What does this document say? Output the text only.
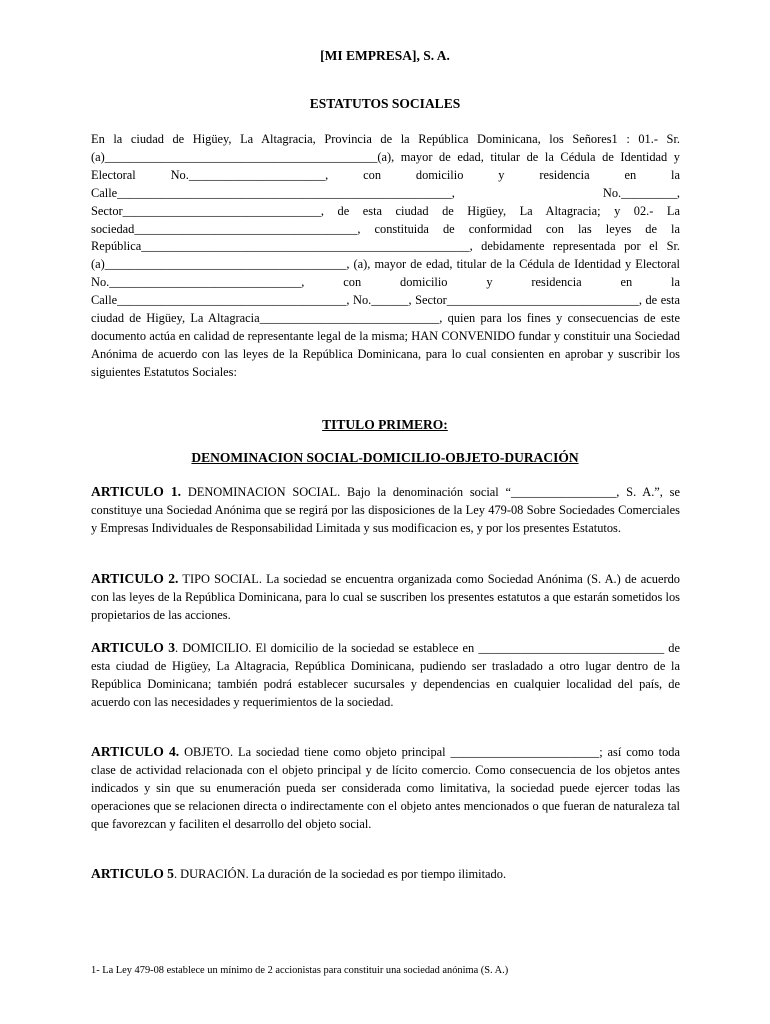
[MI EMPRESA], S. A.
ESTATUTOS SOCIALES
En la ciudad de Higüey, La Altagracia, Provincia de la República Dominicana, los Señores1 : 01.- Sr.(a)____________________________________________(a), mayor de edad, titular de la Cédula de Identidad y Electoral No.______________________, con domicilio y residencia en la Calle______________________________________________________, No._________, Sector________________________________, de esta ciudad de Higüey, La Altagracia; y 02.- La sociedad____________________________________, constituida de conformidad con las leyes de la República_____________________________________________________, debidamente representada por el Sr.(a)_______________________________________, (a), mayor de edad, titular de la Cédula de Identidad y Electoral No._______________________________, con domicilio y residencia en la Calle_____________________________________, No.______, Sector_______________________________, de esta ciudad de Higüey, La Altagracia_____________________________, quien para los fines y consecuencias de este documento actúa en calidad de representante legal de la misma; HAN CONVENIDO fundar y constituir una Sociedad Anónima de acuerdo con las leyes de la República Dominicana, para lo cual consienten en aprobar y suscribir los siguientes Estatutos Sociales:
TITULO PRIMERO:
DENOMINACION SOCIAL-DOMICILIO-OBJETO-DURACIÓN
ARTICULO 1. DENOMINACION SOCIAL. Bajo la denominación social “_________________, S. A.”, se constituye una Sociedad Anónima que se regirá por las disposiciones de la Ley 479-08 Sobre Sociedades Comerciales y Empresas Individuales de Responsabilidad Limitada y sus modificacion es, y por los presentes Estatutos.
ARTICULO 2. TIPO SOCIAL. La sociedad se encuentra organizada como Sociedad Anónima (S. A.) de acuerdo con las leyes de la República Dominicana, para lo cual se suscriben los presentes estatutos a que estarán sometidos los propietarios de las acciones.
ARTICULO 3. DOMICILIO. El domicilio de la sociedad se establece en ______________________________ de esta ciudad de Higüey, La Altagracia, República Dominicana, pudiendo ser trasladado a otro lugar dentro de la República Dominicana; también podrá establecer sucursales y dependencias en cualquier localidad del país, de acuerdo con las necesidades y requerimientos de la sociedad.
ARTICULO 4. OBJETO. La sociedad tiene como objeto principal ________________________; así como toda clase de actividad relacionada con el objeto principal y de lícito comercio. Como consecuencia de los objetos antes indicados y sin que su enumeración pueda ser considerada como limitativa, la sociedad puede ejercer todas las operaciones que se relacionen directa o indirectamente con el objeto antes mencionados o que fueran de naturaleza tal que favorezcan y faciliten el desarrollo del objeto social.
ARTICULO 5. DURACIÓN. La duración de la sociedad es por tiempo ilimitado.
1- La Ley 479-08 establece un mínimo de 2 accionistas para constituir una sociedad anónima (S. A.)
